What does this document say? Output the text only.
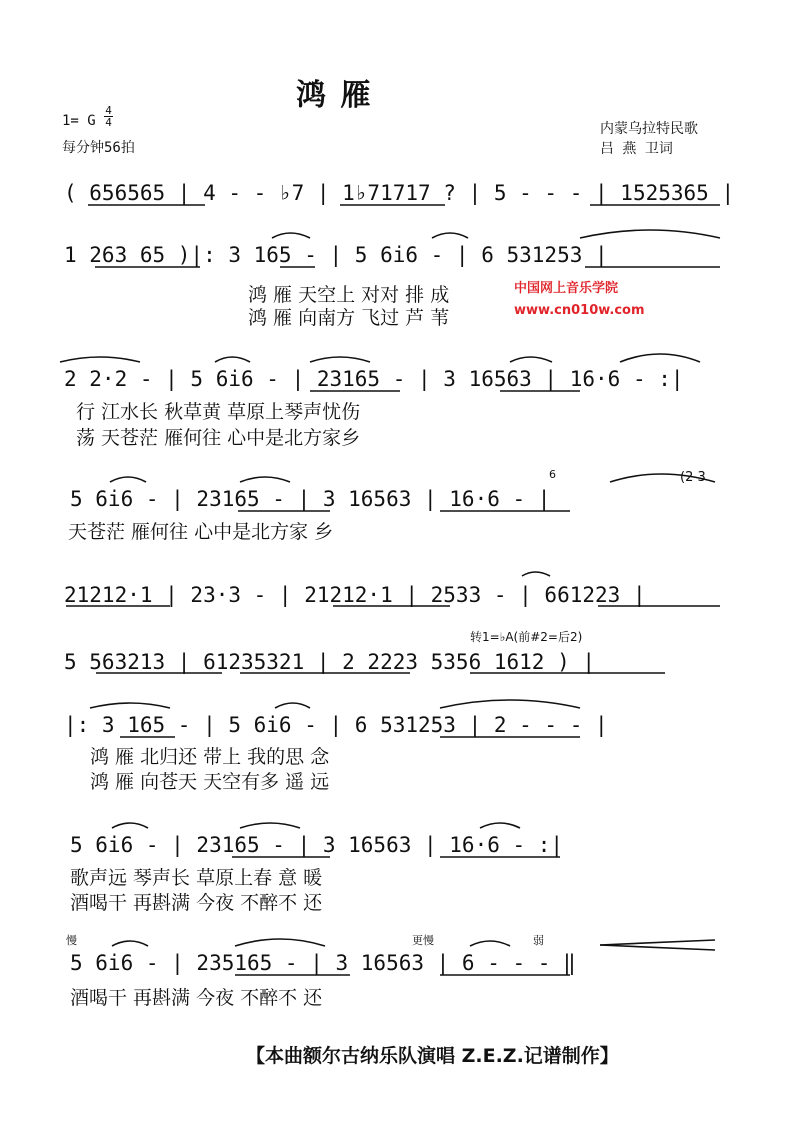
鸿 雁
1= G
4
4
每分钟56拍
内蒙乌拉特民歌
吕 燕 卫词
( 656565 | 4 - - ♭7 | 1♭71717 ? | 5 - - - | 1525365 |
1 263 65 )|: 3 165 - | 5 6i6 - | 6 531253 |
鸿 雁 天空上 对对 排 成
鸿 雁 向南方 飞过 芦 苇
中国网上音乐学院
www.cn010w.com
2 2·2 - | 5 6i6 - | 23165 - | 3 16563 | 16·6 - :|
行 江水长 秋草黄 草原上琴声忧伤
荡 天苍茫 雁何往 心中是北方家乡
5 6i6 - | 23165 - | 3 16563 | 16·6 - |
6	(2 3
天苍茫 雁何往 心中是北方家 乡
21212·1 | 23·3 - | 21212·1 | 2533 - | 661223 |
转1=♭A(前#2=后2)
5 563213 | 61235321 | 2 2223 5356 1612 ) |
|: 3 165 - | 5 6i6 - | 6 531253 | 2 - - - |
鸿 雁 北归还 带上 我的思 念
鸿 雁 向苍天 天空有多 遥 远
5 6i6 - | 23165 - | 3 16563 | 16·6 - :|
歌声远 琴声长 草原上春 意 暖
酒喝干 再斟满 今夜 不醉不 还
慢	更慢	弱
5 6i6 - | 235165 - | 3 16563 | 6 - - - ‖
酒喝干 再斟满 今夜 不醉不 还
【本曲额尔古纳乐队演唱 Z.E.Z.记谱制作】
